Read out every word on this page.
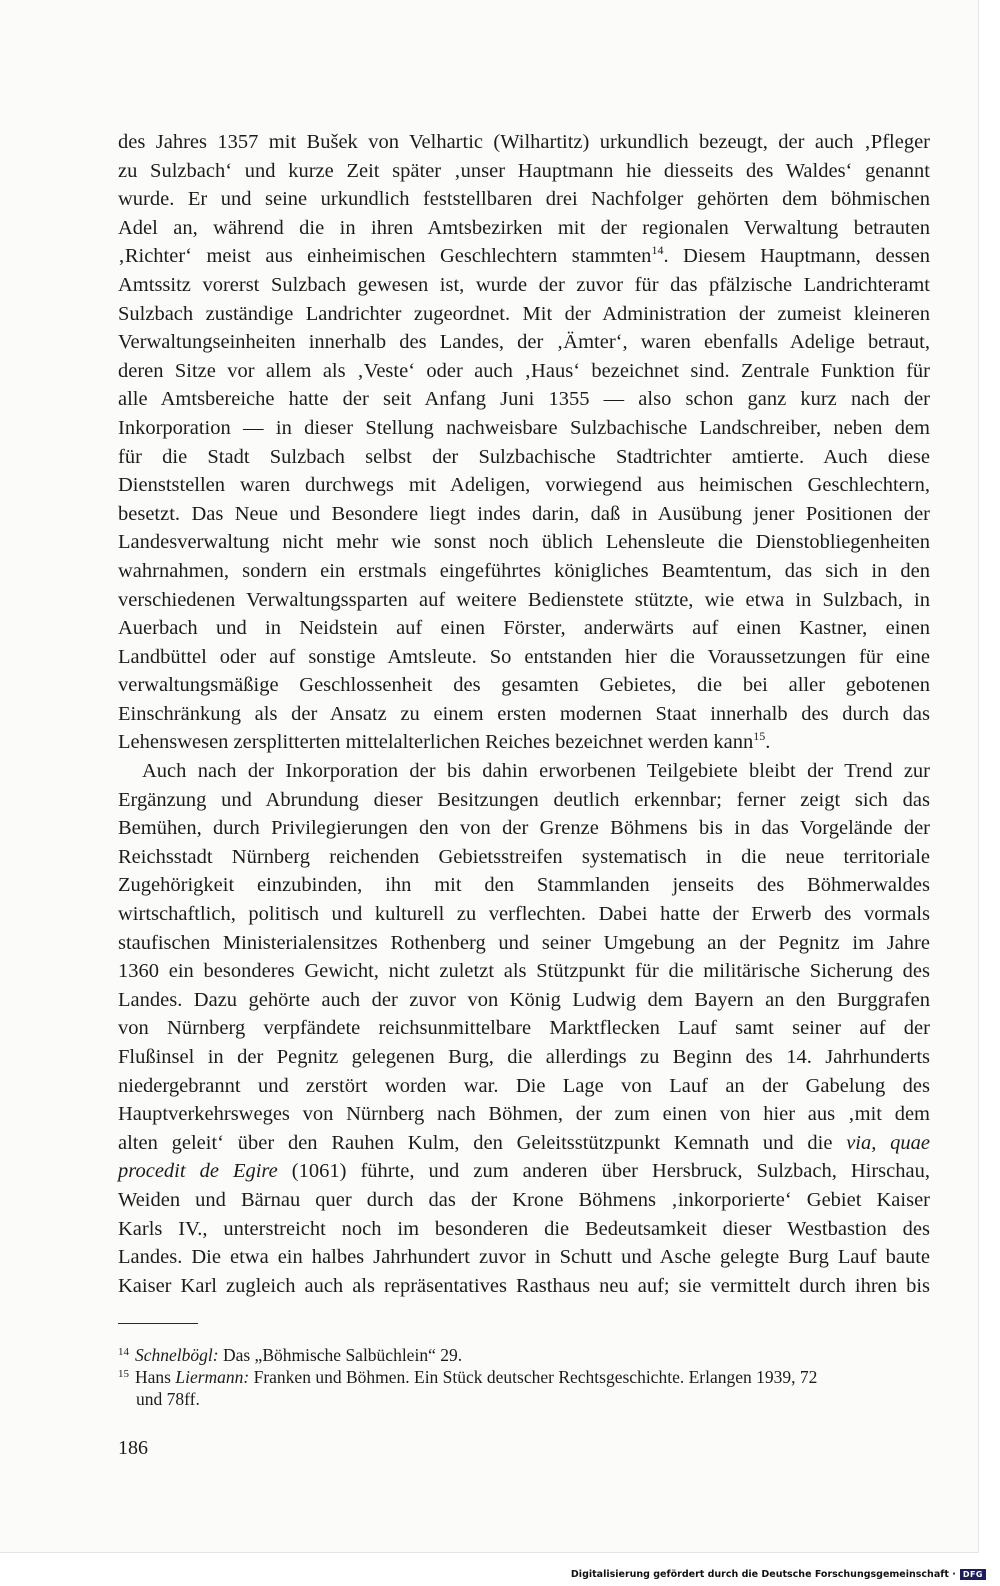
des Jahres 1357 mit Bušek von Velhartic (Wilhartitz) urkundlich bezeugt, der auch ‚Pfleger
zu Sulzbach‘ und kurze Zeit später ‚unser Hauptmann hie diesseits des Waldes‘ genannt
wurde. Er und seine urkundlich feststellbaren drei Nachfolger gehörten dem böhmischen
Adel an, während die in ihren Amtsbezirken mit der regionalen Verwaltung betrauten
‚Richter‘ meist aus einheimischen Geschlechtern stammten$^{14}$. Diesem Hauptmann, dessen
Amtssitz vorerst Sulzbach gewesen ist, wurde der zuvor für das pfälzische Landrichteramt
Sulzbach zuständige Landrichter zugeordnet. Mit der Administration der zumeist kleineren
Verwaltungseinheiten innerhalb des Landes, der ‚Ämter‘, waren ebenfalls Adelige betraut,
deren Sitze vor allem als ‚Veste‘ oder auch ‚Haus‘ bezeichnet sind. Zentrale Funktion für
alle Amtsbereiche hatte der seit Anfang Juni 1355 — also schon ganz kurz nach der
Inkorporation — in dieser Stellung nachweisbare Sulzbachische Landschreiber, neben dem
für die Stadt Sulzbach selbst der Sulzbachische Stadtrichter amtierte. Auch diese
Dienststellen waren durchwegs mit Adeligen, vorwiegend aus heimischen Geschlechtern,
besetzt. Das Neue und Besondere liegt indes darin, daß in Ausübung jener Positionen der
Landesverwaltung nicht mehr wie sonst noch üblich Lehensleute die Dienstobliegenheiten
wahrnahmen, sondern ein erstmals eingeführtes königliches Beamtentum, das sich in den
verschiedenen Verwaltungssparten auf weitere Bedienstete stützte, wie etwa in Sulzbach, in
Auerbach und in Neidstein auf einen Förster, anderwärts auf einen Kastner, einen
Landbüttel oder auf sonstige Amtsleute. So entstanden hier die Voraussetzungen für eine
verwaltungsmäßige Geschlossenheit des gesamten Gebietes, die bei aller gebotenen
Einschränkung als der Ansatz zu einem ersten modernen Staat innerhalb des durch das
Lehenswesen zersplitterten mittelalterlichen Reiches bezeichnet werden kann$^{15}$.
Auch nach der Inkorporation der bis dahin erworbenen Teilgebiete bleibt der Trend zur
Ergänzung und Abrundung dieser Besitzungen deutlich erkennbar; ferner zeigt sich das
Bemühen, durch Privilegierungen den von der Grenze Böhmens bis in das Vorgelände der
Reichsstadt Nürnberg reichenden Gebietsstreifen systematisch in die neue territoriale
Zugehörigkeit einzubinden, ihn mit den Stammlanden jenseits des Böhmerwaldes
wirtschaftlich, politisch und kulturell zu verflechten. Dabei hatte der Erwerb des vormals
staufischen Ministerialensitzes Rothenberg und seiner Umgebung an der Pegnitz im Jahre
1360 ein besonderes Gewicht, nicht zuletzt als Stützpunkt für die militärische Sicherung des
Landes. Dazu gehörte auch der zuvor von König Ludwig dem Bayern an den Burggrafen
von Nürnberg verpfändete reichsunmittelbare Marktflecken Lauf samt seiner auf der
Flußinsel in der Pegnitz gelegenen Burg, die allerdings zu Beginn des 14. Jahrhunderts
niedergebrannt und zerstört worden war. Die Lage von Lauf an der Gabelung des
Hauptverkehrsweges von Nürnberg nach Böhmen, der zum einen von hier aus ‚mit dem
alten geleit‘ über den Rauhen Kulm, den Geleitsstützpunkt Kemnath und die via, quae
procedit de Egire (1061) führte, und zum anderen über Hersbruck, Sulzbach, Hirschau,
Weiden und Bärnau quer durch das der Krone Böhmens ‚inkorporierte‘ Gebiet Kaiser
Karls IV., unterstreicht noch im besonderen die Bedeutsamkeit dieser Westbastion des
Landes. Die etwa ein halbes Jahrhundert zuvor in Schutt und Asche gelegte Burg Lauf baute
Kaiser Karl zugleich auch als repräsentatives Rasthaus neu auf; sie vermittelt durch ihren bis
$^{14}$ Schnelbögl: Das „Böhmische Salbüchlein“ 29.
$^{15}$ Hans Liermann: Franken und Böhmen. Ein Stück deutscher Rechtsgeschichte. Erlangen 1939, 72
und 78ff.
186
Digitalisierung gefördert durch die Deutsche Forschungsgemeinschaft · DFG
